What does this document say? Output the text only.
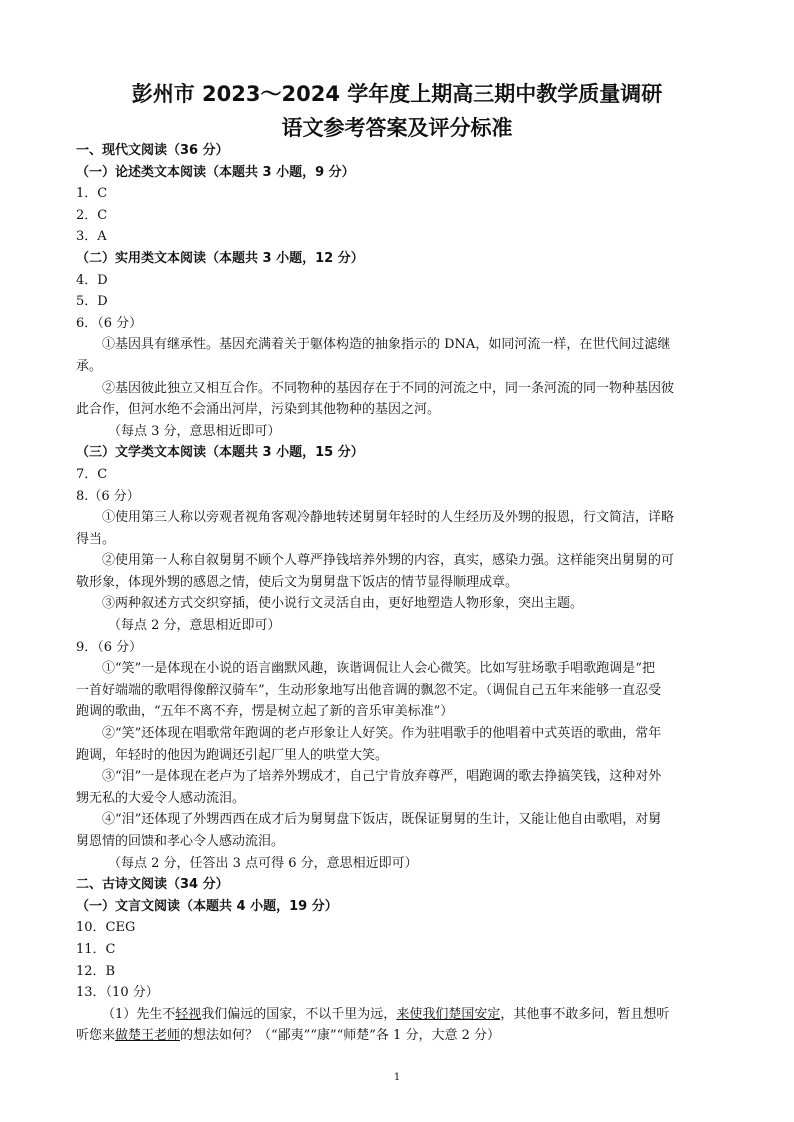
彭州市 2023～2024 学年度上期高三期中教学质量调研
语文参考答案及评分标准
一、现代文阅读（36 分）
（一）论述类文本阅读（本题共 3 小题，9 分）
1．C
2．C
3．A
（二）实用类文本阅读（本题共 3 小题，12 分）
4．D
5．D
6．（6 分）
①基因具有继承性。基因充满着关于躯体构造的抽象指示的 DNA，如同河流一样，在世代间过滤继
承。
②基因彼此独立又相互合作。不同物种的基因存在于不同的河流之中，同一条河流的同一物种基因彼
此合作，但河水绝不会涌出河岸，污染到其他物种的基因之河。
（每点 3 分，意思相近即可）
（三）文学类文本阅读（本题共 3 小题，15 分）
7．C
8.（6 分）
①使用第三人称以旁观者视角客观冷静地转述舅舅年轻时的人生经历及外甥的报恩，行文简洁，详略
得当。
②使用第一人称自叙舅舅不顾个人尊严挣钱培养外甥的内容，真实，感染力强。这样能突出舅舅的可
敬形象，体现外甥的感恩之情，使后文为舅舅盘下饭店的情节显得顺理成章。
③两种叙述方式交织穿插，使小说行文灵活自由，更好地塑造人物形象，突出主题。
（每点 2 分，意思相近即可）
9．（6 分）
①“笑”一是体现在小说的语言幽默风趣，诙谐调侃让人会心微笑。比如写驻场歌手唱歌跑调是“把
一首好端端的歌唱得像醉汉骑车”，生动形象地写出他音调的飘忽不定。（调侃自己五年来能够一直忍受
跑调的歌曲，“五年不离不弃，愣是树立起了新的音乐审美标准”）
②“笑”还体现在唱歌常年跑调的老卢形象让人好笑。作为驻唱歌手的他唱着中式英语的歌曲，常年
跑调，年轻时的他因为跑调还引起厂里人的哄堂大笑。
③“泪”一是体现在老卢为了培养外甥成才，自己宁肯放弃尊严，唱跑调的歌去挣搞笑钱，这种对外
甥无私的大爱令人感动流泪。
④“泪”还体现了外甥西西在成才后为舅舅盘下饭店，既保证舅舅的生计，又能让他自由歌唱，对舅
舅恩情的回馈和孝心令人感动流泪。
（每点 2 分，任答出 3 点可得 6 分，意思相近即可）
二、古诗文阅读（34 分）
（一）文言文阅读（本题共 4 小题，19 分）
10．CEG
11．C
12．B
13．（10 分）
（1）先生不轻视我们偏远的国家，不以千里为远，来使我们楚国安定，其他事不敢多问，暂且想听
听您来做楚王老师的想法如何？（“鄙夷”“康”“师楚”各 1 分，大意 2 分）
1
